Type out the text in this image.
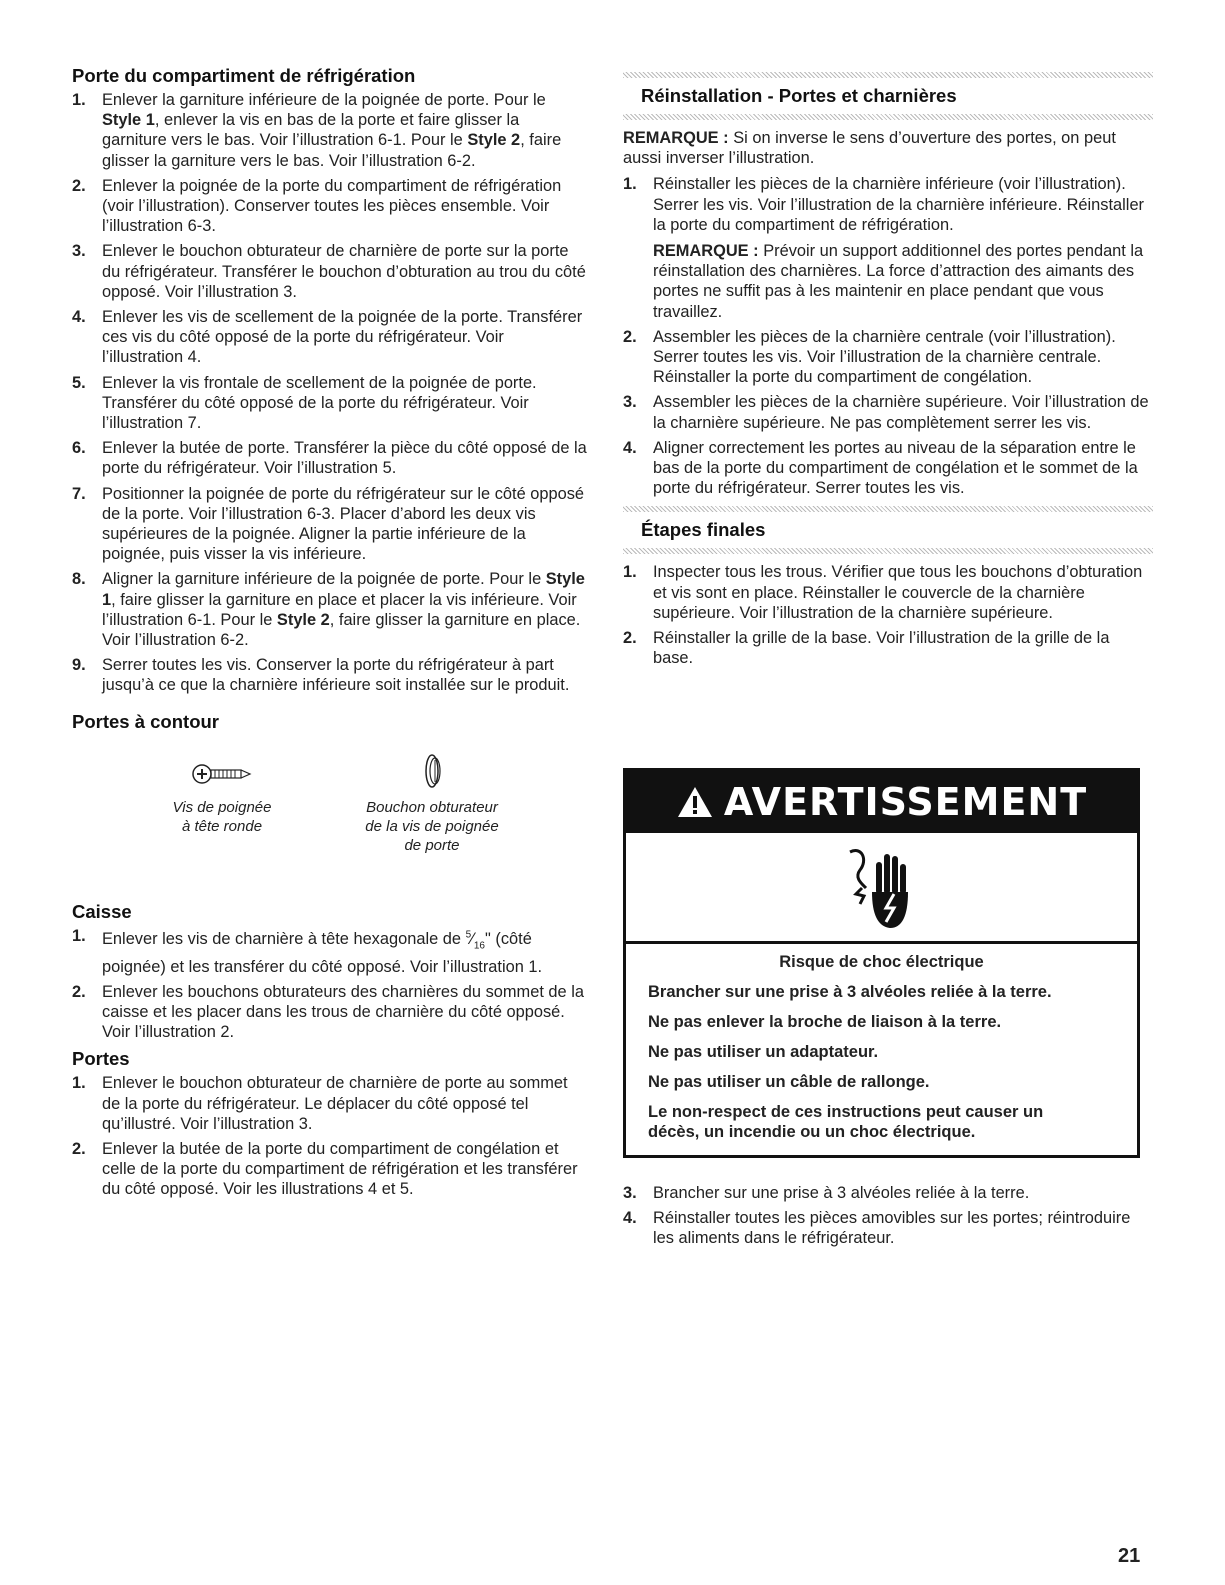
Porte du compartiment de réfrigération
1. Enlever la garniture inférieure de la poignée de porte. Pour le Style 1, enlever la vis en bas de la porte et faire glisser la garniture vers le bas. Voir l’illustration 6-1. Pour le Style 2, faire glisser la garniture vers le bas. Voir l’illustration 6-2.
2. Enlever la poignée de la porte du compartiment de réfrigération (voir l’illustration). Conserver toutes les pièces ensemble. Voir l’illustration 6-3.
3. Enlever le bouchon obturateur de charnière de porte sur la porte du réfrigérateur. Transférer le bouchon d’obturation au trou du côté opposé. Voir l’illustration 3.
4. Enlever les vis de scellement de la poignée de la porte. Transférer ces vis du côté opposé de la porte du réfrigérateur. Voir l’illustration 4.
5. Enlever la vis frontale de scellement de la poignée de porte. Transférer du côté opposé de la porte du réfrigérateur. Voir l’illustration 7.
6. Enlever la butée de porte. Transférer la pièce du côté opposé de la porte du réfrigérateur. Voir l’illustration 5.
7. Positionner la poignée de porte du réfrigérateur sur le côté opposé de la porte. Voir l’illustration 6-3. Placer d’abord les deux vis supérieures de la poignée. Aligner la partie inférieure de la poignée, puis visser la vis inférieure.
8. Aligner la garniture inférieure de la poignée de porte. Pour le Style 1, faire glisser la garniture en place et placer la vis inférieure. Voir l’illustration 6-1. Pour le Style 2, faire glisser la garniture en place. Voir l’illustration 6-2.
9. Serrer toutes les vis. Conserver la porte du réfrigérateur à part jusqu’à ce que la charnière inférieure soit installée sur le produit.
Portes à contour
Vis de poignée
à tête ronde
Bouchon obturateur
de la vis de poignée
de porte
Caisse
1. Enlever les vis de charnière à tête hexagonale de $^5⁄_{16}$" (côté poignée) et les transférer du côté opposé. Voir l’illustration 1.
2. Enlever les bouchons obturateurs des charnières du sommet de la caisse et les placer dans les trous de charnière du côté opposé. Voir l’illustration 2.
Portes
1. Enlever le bouchon obturateur de charnière de porte au sommet de la porte du réfrigérateur. Le déplacer du côté opposé tel qu’illustré. Voir l’illustration 3.
2. Enlever la butée de la porte du compartiment de congélation et celle de la porte du compartiment de réfrigération et les transférer du côté opposé. Voir les illustrations 4 et 5.
Réinstallation - Portes et charnières

REMARQUE : Si on inverse le sens d’ouverture des portes, on peut aussi inverser l’illustration.

1. Réinstaller les pièces de la charnière inférieure (voir l’illustration). Serrer les vis. Voir l’illustration de la charnière inférieure. Réinstaller la porte du compartiment de réfrigération.
REMARQUE : Prévoir un support additionnel des portes pendant la réinstallation des charnières. La force d’attraction des aimants des portes ne suffit pas à les maintenir en place pendant que vous travaillez.
2. Assembler les pièces de la charnière centrale (voir l’illustration). Serrer toutes les vis. Voir l’illustration de la charnière centrale. Réinstaller la porte du compartiment de congélation.
3. Assembler les pièces de la charnière supérieure. Voir l’illustration de la charnière supérieure. Ne pas complètement serrer les vis.
4. Aligner correctement les portes au niveau de la séparation entre le bas de la porte du compartiment de congélation et le sommet de la porte du réfrigérateur. Serrer toutes les vis.
Étapes finales
1. Inspecter tous les trous. Vérifier que tous les bouchons d’obturation et vis sont en place. Réinstaller le couvercle de la charnière supérieure. Voir l’illustration de la charnière supérieure.
2. Réinstaller la grille de la base. Voir l’illustration de la grille de la base.
AVERTISSEMENT
Risque de choc électrique
Brancher sur une prise à 3 alvéoles reliée à la terre.
Ne pas enlever la broche de liaison à la terre.
Ne pas utiliser un adaptateur.
Ne pas utiliser un câble de rallonge.
Le non-respect de ces instructions peut causer un décès, un incendie ou un choc électrique.
3. Brancher sur une prise à 3 alvéoles reliée à la terre.
4. Réinstaller toutes les pièces amovibles sur les portes; réintroduire les aliments dans le réfrigérateur.
21
